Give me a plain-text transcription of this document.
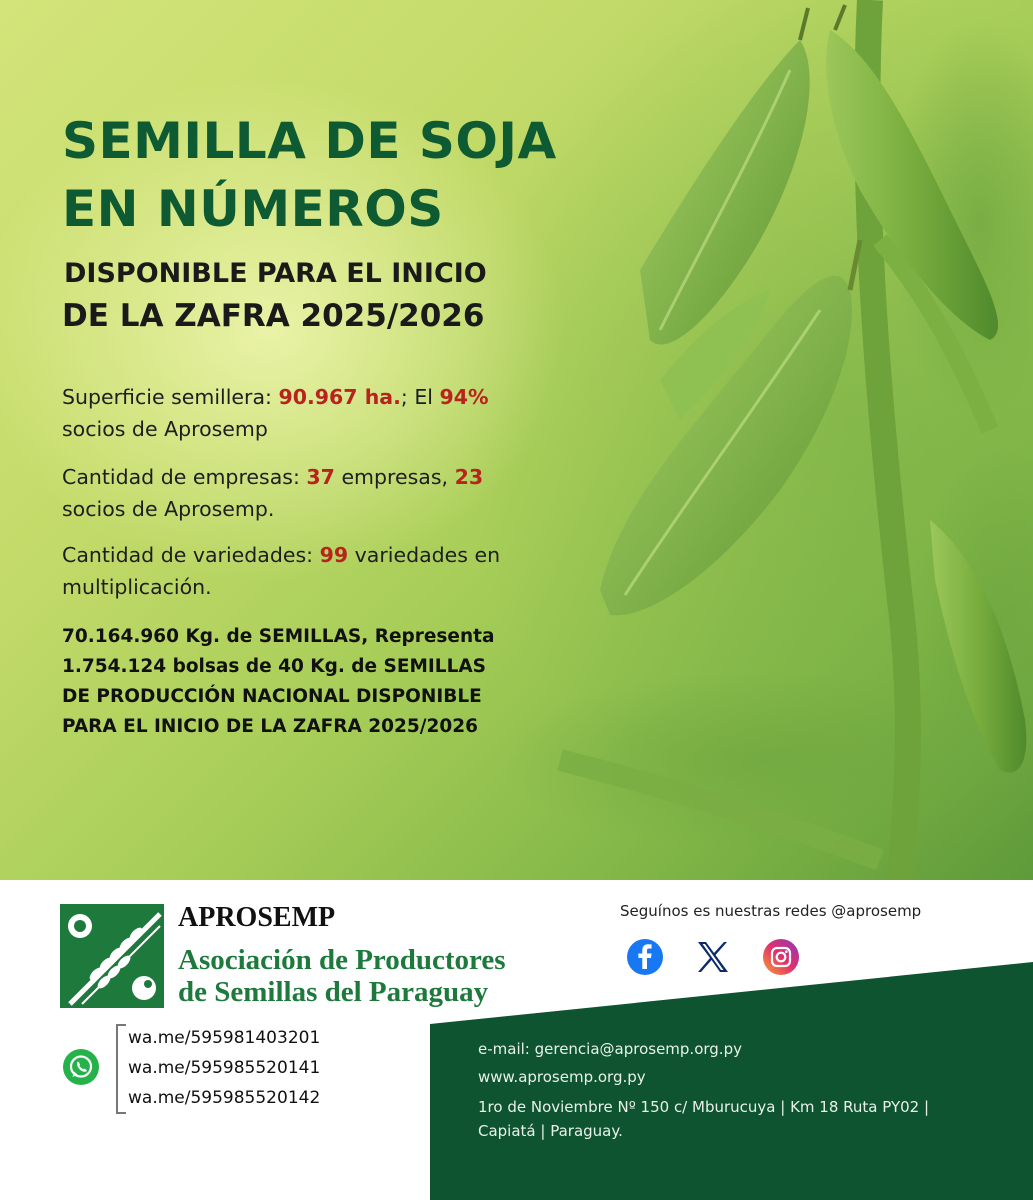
SEMILLA DE SOJA
EN NÚMEROS
DISPONIBLE PARA EL INICIO
DE LA ZAFRA 2025/2026
Superficie semillera: 90.967 ha.; El 94%
socios de Aprosemp
Cantidad de empresas: 37 empresas, 23
socios de Aprosemp.
Cantidad de variedades: 99 variedades en
multiplicación.
70.164.960 Kg. de SEMILLAS, Representa
1.754.124 bolsas de 40 Kg. de SEMILLAS
DE PRODUCCIÓN NACIONAL DISPONIBLE
PARA EL INICIO DE LA ZAFRA 2025/2026
APROSEMP
Asociación de Productores
de Semillas del Paraguay
Seguínos es nuestras redes @aprosemp
wa.me/595981403201
wa.me/595985520141
wa.me/595985520142
e-mail: gerencia@aprosemp.org.py
www.aprosemp.org.py
1ro de Noviembre Nº 150 c/ Mburucuya | Km 18 Ruta PY02 |
Capiatá | Paraguay.
